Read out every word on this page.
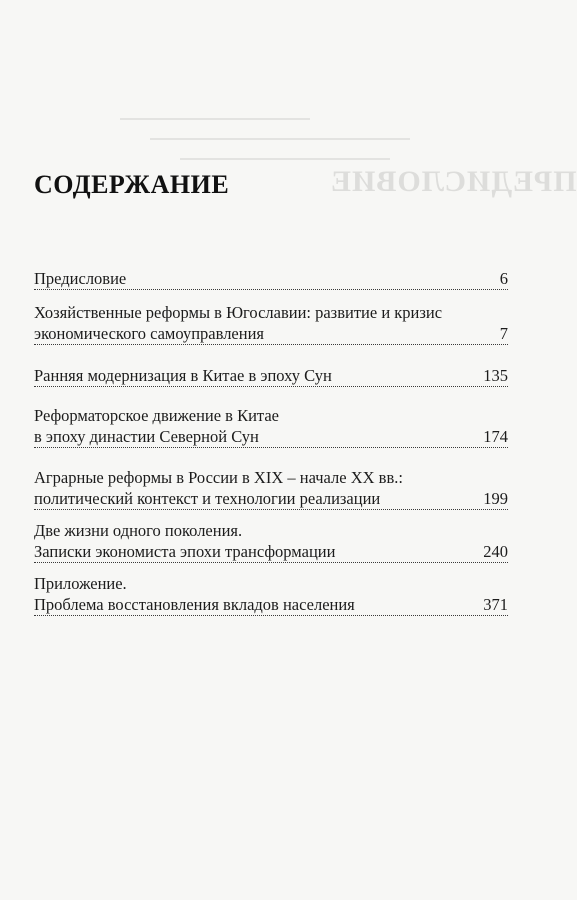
ПРЕДИСЛОВИЕ
СОДЕРЖАНИЕ
Предисловие	6
Хозяйственные реформы в Югославии: развитие и кризис
экономического самоуправления	7
Ранняя модернизация в Китае в эпоху Сун	135
Реформаторское движение в Китае
в эпоху династии Северной Сун	174
Аграрные реформы в России в XIX – начале XX вв.:
политический контекст и технологии реализации	199
Две жизни одного поколения.
Записки экономиста эпохи трансформации	240
Приложение.
Проблема восстановления вкладов населения	371
